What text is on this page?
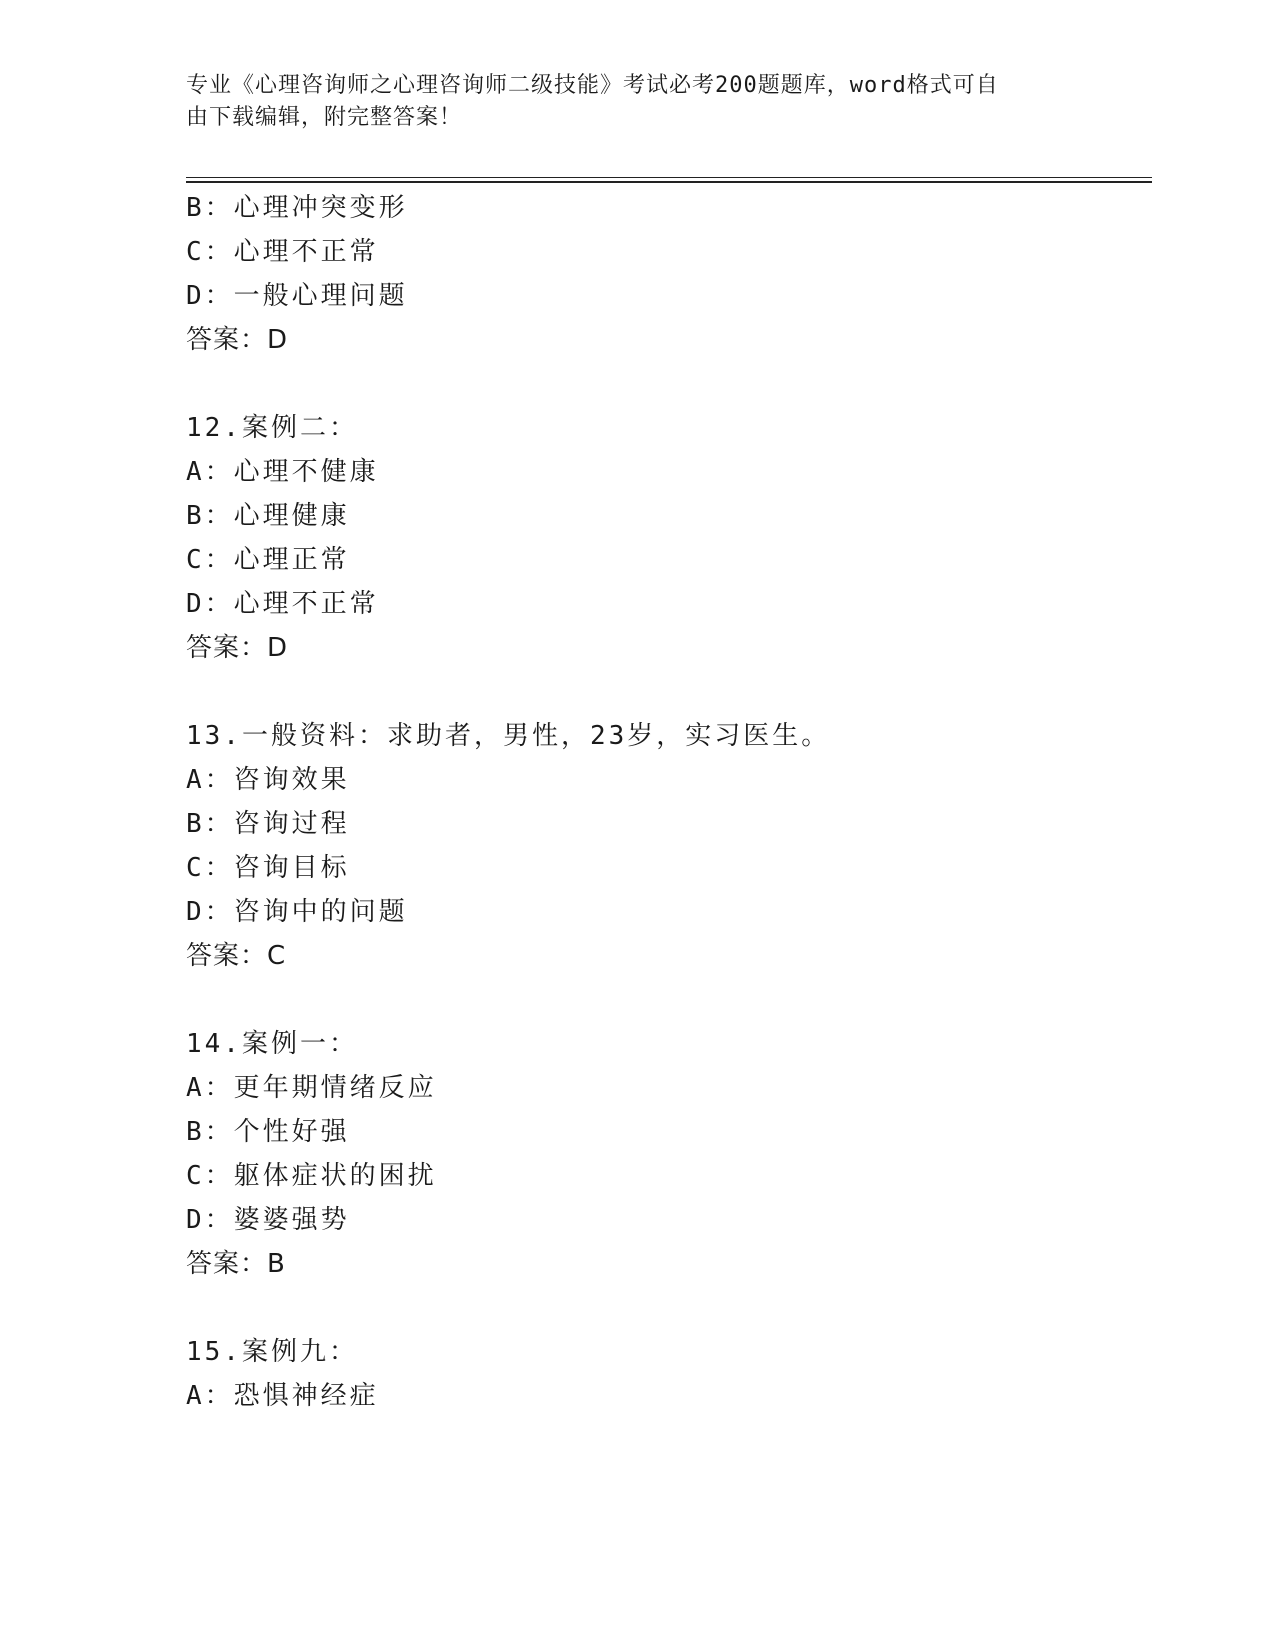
专业《心理咨询师之心理咨询师二级技能》考试必考200题题库，word格式可自
由下载编辑，附完整答案！
B：心理冲突变形
C：心理不正常
D：一般心理问题
答案：D
12.案例二：
A：心理不健康
B：心理健康
C：心理正常
D：心理不正常
答案：D
13.一般资料：求助者，男性，23岁，实习医生。
A：咨询效果
B：咨询过程
C：咨询目标
D：咨询中的问题
答案：C
14.案例一：
A：更年期情绪反应
B：个性好强
C：躯体症状的困扰
D：婆婆强势
答案：B
15.案例九：
A：恐惧神经症
